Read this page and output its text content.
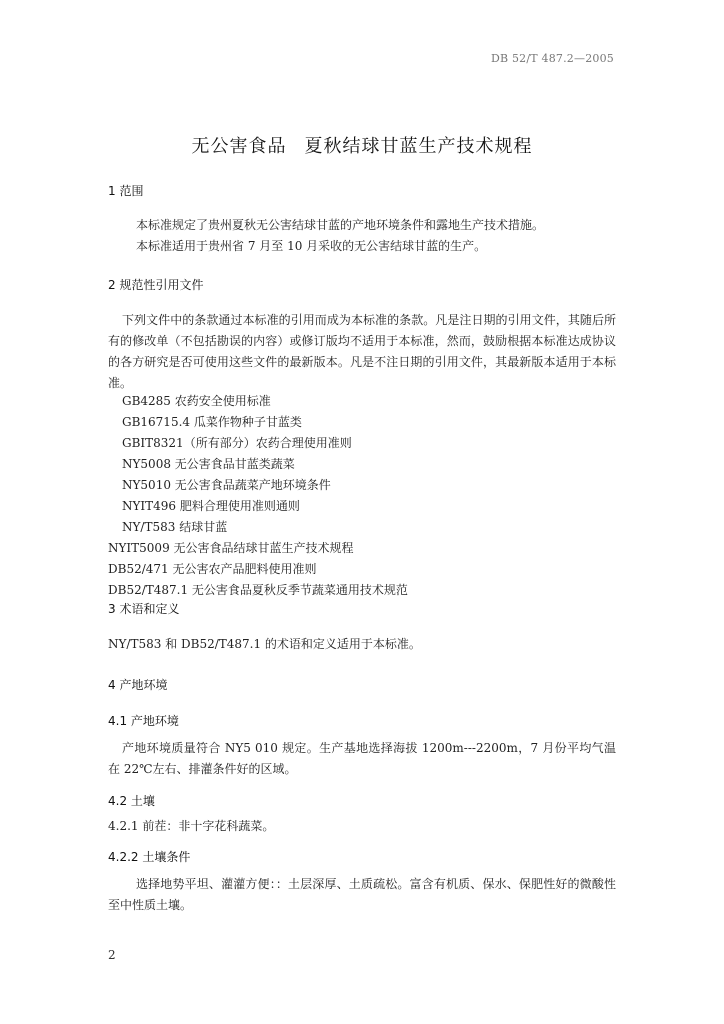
DB 52/T 487.2—2005
无公害食品 夏秋结球甘蓝生产技术规程
1 范围
本标准规定了贵州夏秋无公害结球甘蓝的产地环境条件和露地生产技术措施。
本标准适用于贵州省 7 月至 10 月采收的无公害结球甘蓝的生产。
2 规范性引用文件
下列文件中的条款通过本标准的引用而成为本标准的条款。凡是注日期的引用文件，其随后所有的修改单（不包括勘误的内容）或修订版均不适用于本标准，然而，鼓励根据本标准达成协议的各方研究是否可使用这些文件的最新版本。凡是不注日期的引用文件，其最新版本适用于本标准。
GB4285 农药安全使用标准
GB16715.4 瓜菜作物种子甘蓝类
GBIT8321（所有部分）农药合理使用准则
NY5008 无公害食品甘蓝类蔬菜
NY5010 无公害食品蔬菜产地环境条件
NYIT496 肥料合理使用准则通则
NY/T583 结球甘蓝
NYIT5009 无公害食品结球甘蓝生产技术规程
DB52/471 无公害农产品肥料使用准则
DB52/T487.1 无公害食品夏秋反季节蔬菜通用技术规范
3 术语和定义
NY/T583 和 DB52/T487.1 的术语和定义适用于本标准。
4 产地环境
4.1 产地环境
产地环境质量符合 NY5 010 规定。生产基地选择海拔 1200m---2200m，7 月份平均气温在 22℃左右、排灌条件好的区域。
4.2 土壤
4.2.1 前茬：非十字花科蔬菜。
4.2.2 土壤条件
选择地势平坦、灌灌方便：：土层深厚、土质疏松。富含有机质、保水、保肥性好的微酸性至中性质土壤。
2
